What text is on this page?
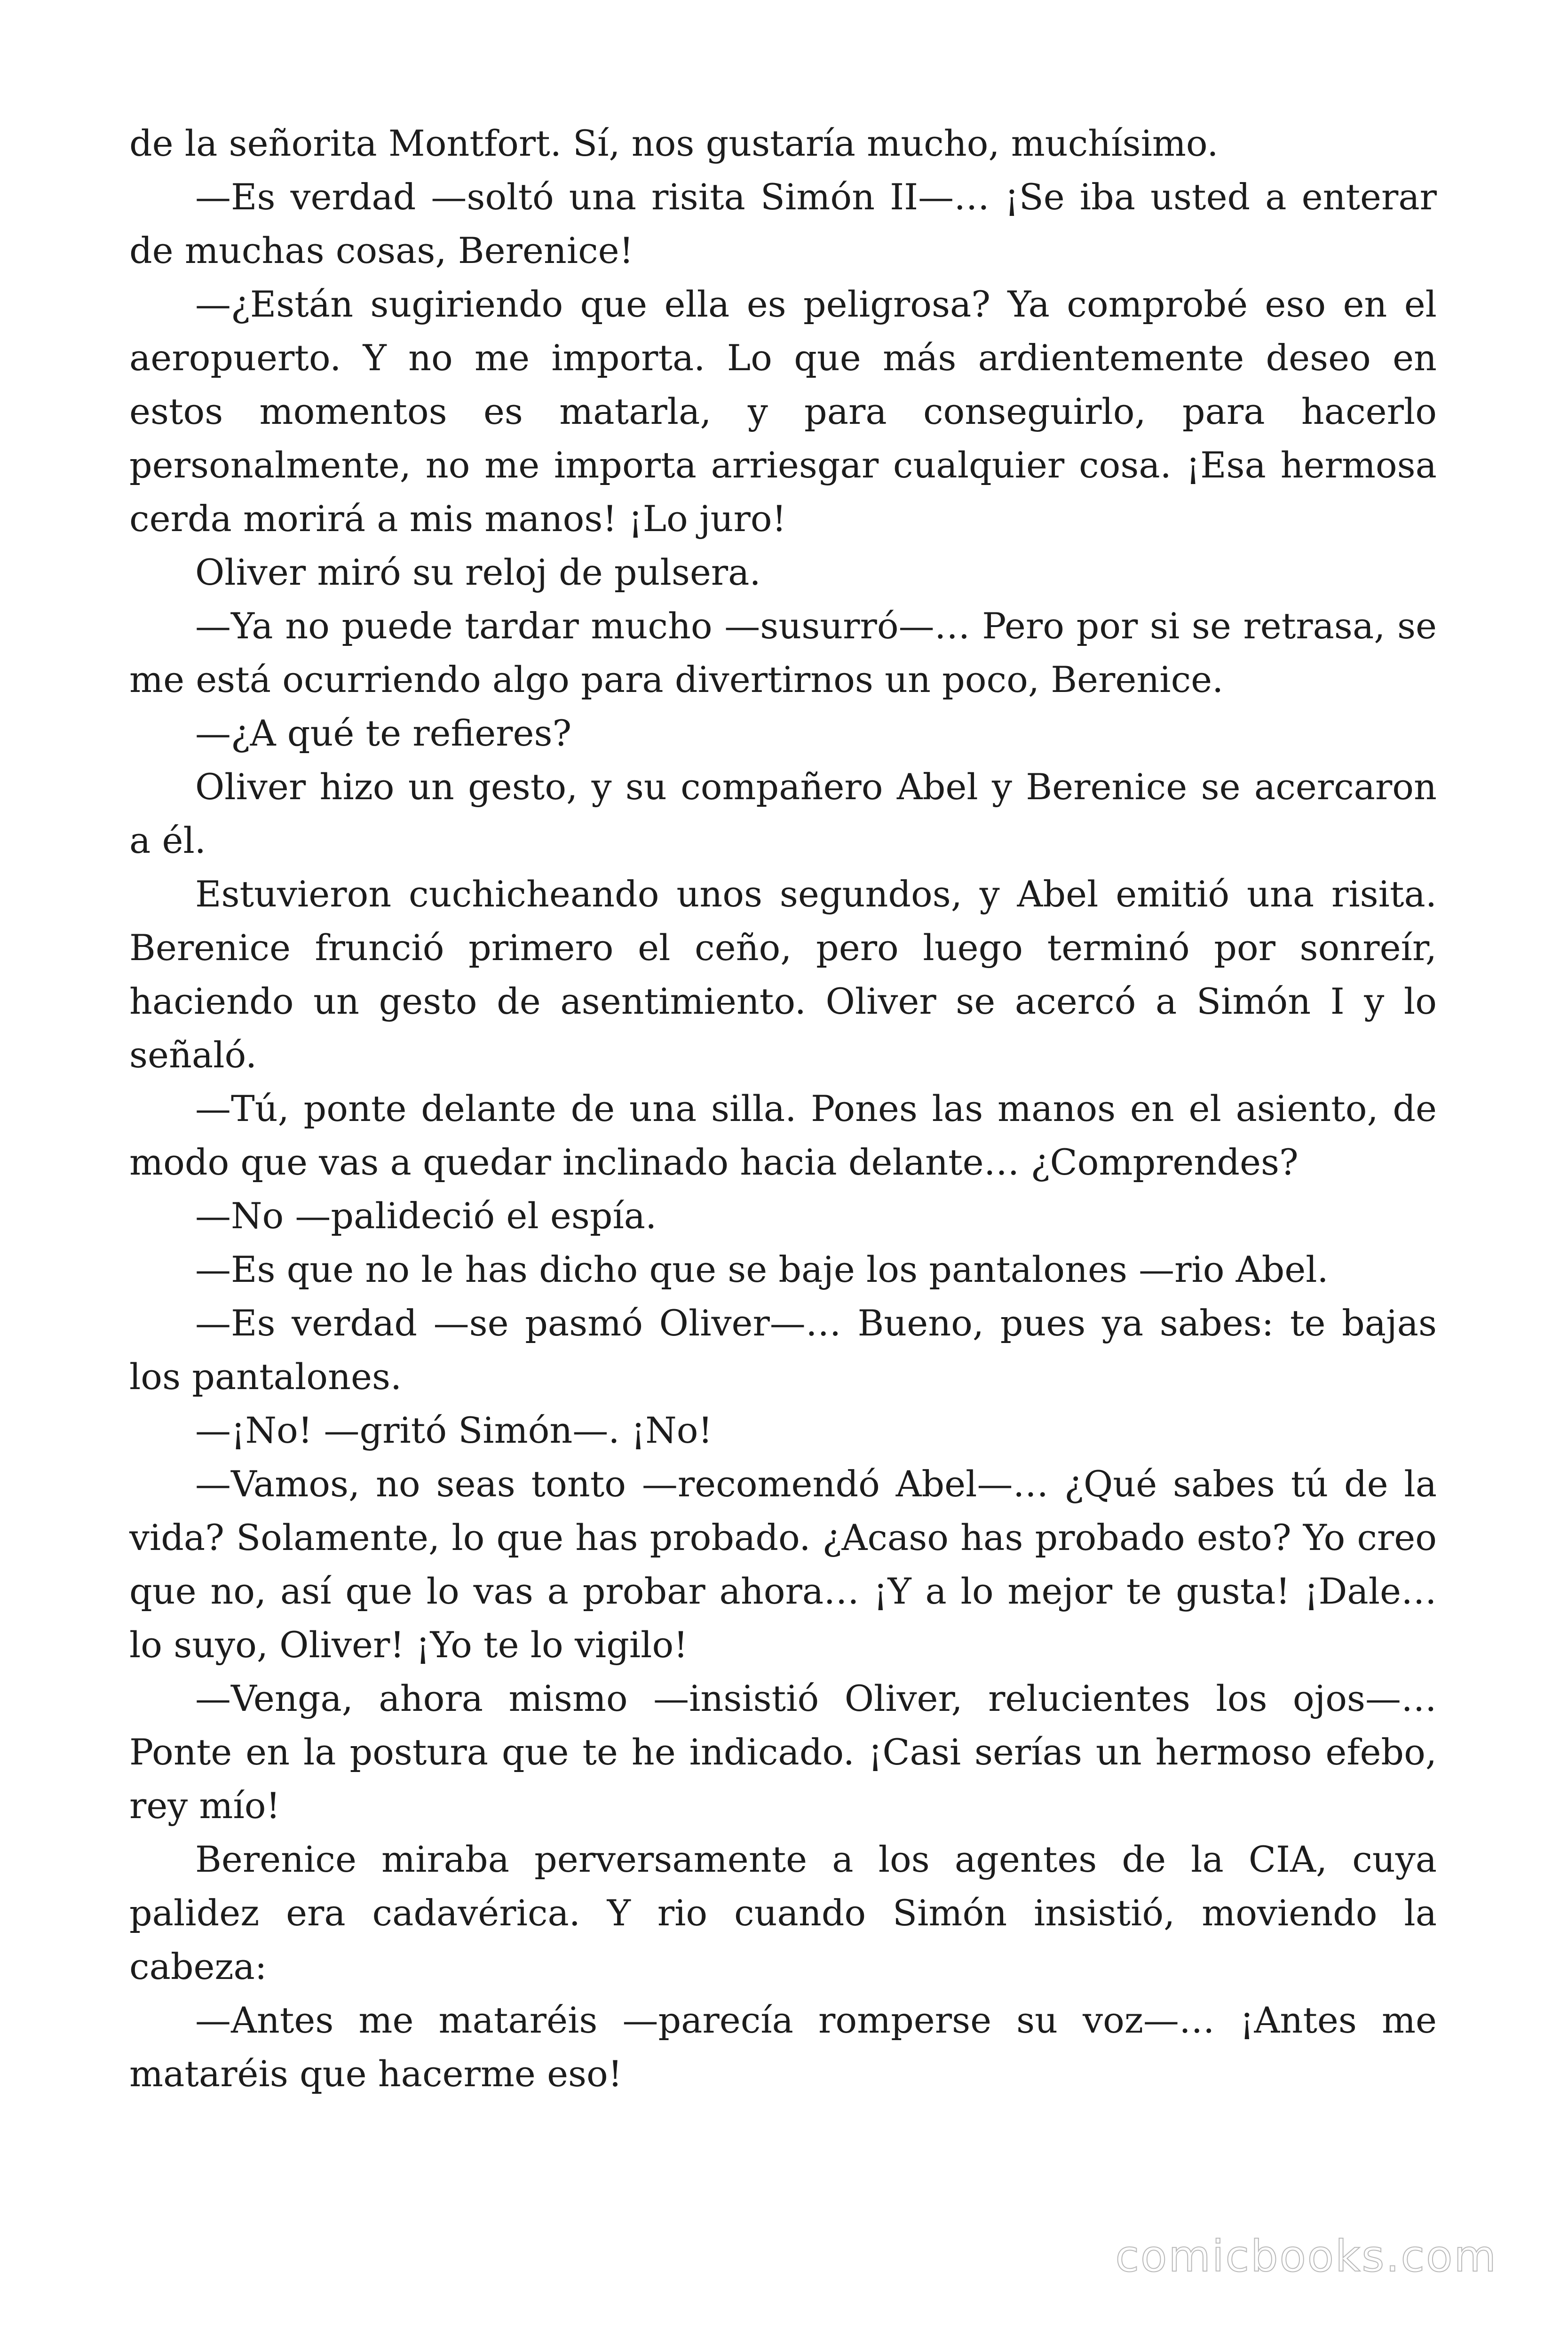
de la señorita Montfort. Sí, nos gustaría mucho, muchísimo.

—Es verdad —soltó una risita Simón II—… ¡Se iba usted a enterar de muchas cosas, Berenice!

—¿Están sugiriendo que ella es peligrosa? Ya comprobé eso en el aeropuerto. Y no me importa. Lo que más ardientemente deseo en estos momentos es matarla, y para conseguirlo, para hacerlo personalmente, no me importa arriesgar cualquier cosa. ¡Esa hermosa cerda morirá a mis manos! ¡Lo juro!

Oliver miró su reloj de pulsera.

—Ya no puede tardar mucho —susurró—… Pero por si se retrasa, se me está ocurriendo algo para divertirnos un poco, Berenice.

—¿A qué te refieres?

Oliver hizo un gesto, y su compañero Abel y Berenice se acercaron a él.

Estuvieron cuchicheando unos segundos, y Abel emitió una risita. Berenice frunció primero el ceño, pero luego terminó por sonreír, haciendo un gesto de asentimiento. Oliver se acercó a Simón I y lo señaló.

—Tú, ponte delante de una silla. Pones las manos en el asiento, de modo que vas a quedar inclinado hacia delante… ¿Comprendes?

—No —palideció el espía.

—Es que no le has dicho que se baje los pantalones —rio Abel.

—Es verdad —se pasmó Oliver—… Bueno, pues ya sabes: te bajas los pantalones.

—¡No! —gritó Simón—. ¡No!

—Vamos, no seas tonto —recomendó Abel—… ¿Qué sabes tú de la vida? Solamente, lo que has probado. ¿Acaso has probado esto? Yo creo que no, así que lo vas a probar ahora… ¡Y a lo mejor te gusta! ¡Dale… lo suyo, Oliver! ¡Yo te lo vigilo!

—Venga, ahora mismo —insistió Oliver, relucientes los ojos—… Ponte en la postura que te he indicado. ¡Casi serías un hermoso efebo, rey mío!

Berenice miraba perversamente a los agentes de la CIA, cuya palidez era cadavérica. Y rio cuando Simón insistió, moviendo la cabeza:

—Antes me mataréis —parecía romperse su voz—… ¡Antes me mataréis que hacerme eso!

comicbooks.com
